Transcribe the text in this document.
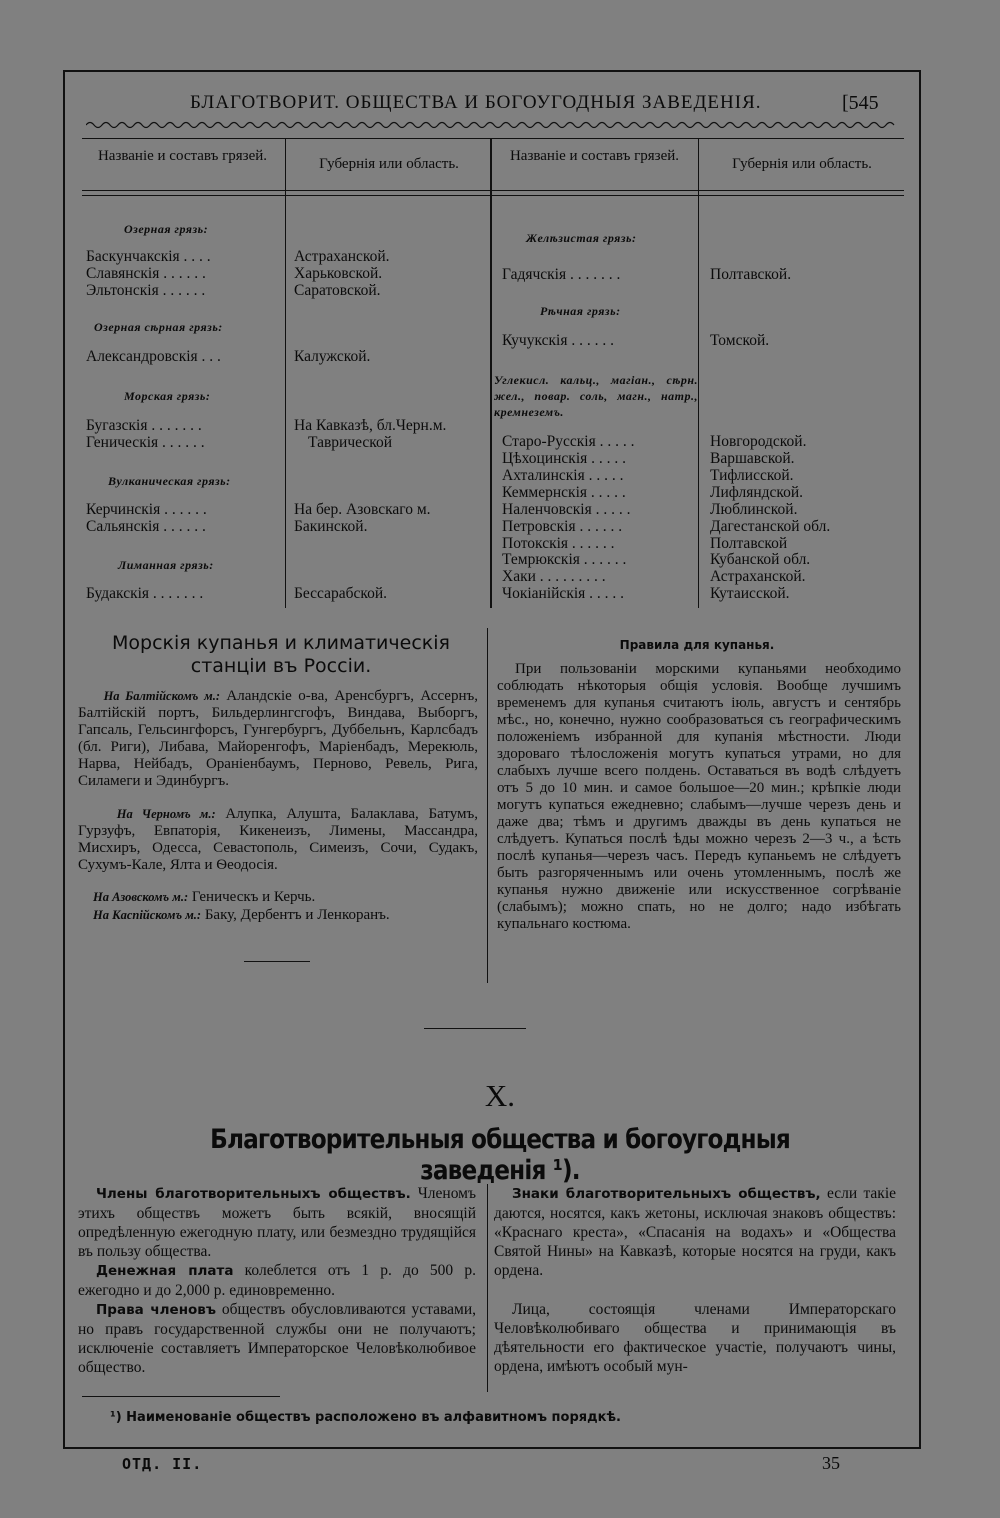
БЛАГОТВОРИТ. ОБЩЕСТВА И БОГОУГОДНЫЯ ЗАВЕДЕНІЯ.	[545
Названіе и составъ грязей.	Губернія или область.	Названіе и составъ грязей.	Губернія или область.
Озерная грязь:
Баскунчакскія . . . .	Астраханской.
Славянскія . . . . . .	Харьковской.
Эльтонскія . . . . . .	Саратовской.
Озерная сѣрная грязь:
Александровскія . . .	Калужской.
Морская грязь:
Бугазскія . . . . . . .	На Кавказѣ, бл.Черн.м.
Геническія . . . . . .	Таврической
Вулканическая грязь:
Керчинскія . . . . . .	На бер. Азовскаго м.
Сальянскія . . . . . .	Бакинской.
Лиманная грязь:
Будакскія . . . . . . .	Бессарабской.
Желѣзистая грязь:
Гадячскія . . . . . . .	Полтавской.
Рѣчная грязь:
Кучукскія . . . . . .	Томской.
Углекисл. кальц., магіан., сѣрн. жел., повар. соль, магн., натр., кремнеземъ.
Старо-Русскія . . . . .	Новгородской.
Цѣхоцинскія . . . . .	Варшавской.
Ахталинскія . . . . .	Тифлисской.
Кеммернскія . . . . .	Лифляндской.
Наленчовскія . . . . .	Люблинской.
Петровскія . . . . . .	Дагестанской обл.
Потокскія . . . . . .	Полтавской
Темрюкскія . . . . . .	Кубанской обл.
Хаки . . . . . . . . .	Астраханской.
Чокіанійскія . . . . .	Кутаисской.
Морскія купанья и климатическія станціи въ Россіи.
На Балтійскомъ м.: Аландскіе о-ва, Аренсбургъ, Ассернъ, Балтійскій портъ, Бильдерлингсгофъ, Виндава, Выборгъ, Гапсаль, Гельсингфорсъ, Гунгербургъ, Дуббельнъ, Карлсбадъ (бл. Риги), Либава, Майоренгофъ, Маріенбадъ, Мерекюль, Нарва, Нейбадъ, Ораніенбаумъ, Перново, Ревель, Рига, Силамеги и Эдинбургъ.
На Черномъ м.: Алупка, Алушта, Балаклава, Батумъ, Гурзуфъ, Евпаторія, Кикенеизъ, Лимены, Массандра, Мисхиръ, Одесса, Севастополь, Симеизъ, Сочи, Судакъ, Сухумъ-Кале, Ялта и Ѳеодосія.
На Азовскомъ м.: Геническъ и Керчь.
На Каспійскомъ м.: Баку, Дербентъ и Ленкоранъ.
Правила для купанья.
При пользованіи морскими купаньями необходимо соблюдать нѣкоторыя общія условія. Вообще лучшимъ временемъ для купанья считаютъ іюль, августъ и сентябрь мѣс., но, конечно, нужно сообразоваться съ географическимъ положеніемъ избранной для купанія мѣстности. Люди здороваго тѣлосложенія могутъ купаться утрами, но для слабыхъ лучше всего полдень. Оставаться въ водѣ слѣдуетъ отъ 5 до 10 мин. и самое большое—20 мин.; крѣпкіе люди могутъ купаться ежедневно; слабымъ—лучше черезъ день и даже два; тѣмъ и другимъ дважды въ день купаться не слѣдуетъ. Купаться послѣ ѣды можно черезъ 2—3 ч., а ѣсть послѣ купанья—черезъ часъ. Передъ купаньемъ не слѣдуетъ быть разгоряченнымъ или очень утомленнымъ, послѣ же купанья нужно движеніе или искусственное согрѣваніе (слабымъ); можно спать, но не долго; надо избѣгать купальнаго костюма.
X.
Благотворительныя общества и богоугодныя заведенія ¹).
Члены благотворительныхъ обществъ. Членомъ этихъ обществъ можетъ быть всякій, вносящій опредѣленную ежегодную плату, или безмездно трудящійся въ пользу общества.
Денежная плата колеблется отъ 1 р. до 500 р. ежегодно и до 2,000 р. единовременно.
Права членовъ обществъ обусловливаются уставами, но правъ государственной службы они не получаютъ; исключеніе составляетъ Императорское Человѣколюбивое общество.
Знаки благотворительныхъ обществъ, если такіе даются, носятся, какъ жетоны, исключая знаковъ обществъ: «Краснаго креста», «Спасанія на водахъ» и «Общества Святой Нины» на Кавказѣ, которые носятся на груди, какъ ордена.
Лица, состоящія членами Императорскаго Человѣколюбиваго общества и принимающія въ дѣятельности его фактическое участіе, получаютъ чины, ордена, имѣютъ особый мун-
¹) Наименованіе обществъ расположено въ алфавитномъ порядкѣ.
ОТД. II.	35
